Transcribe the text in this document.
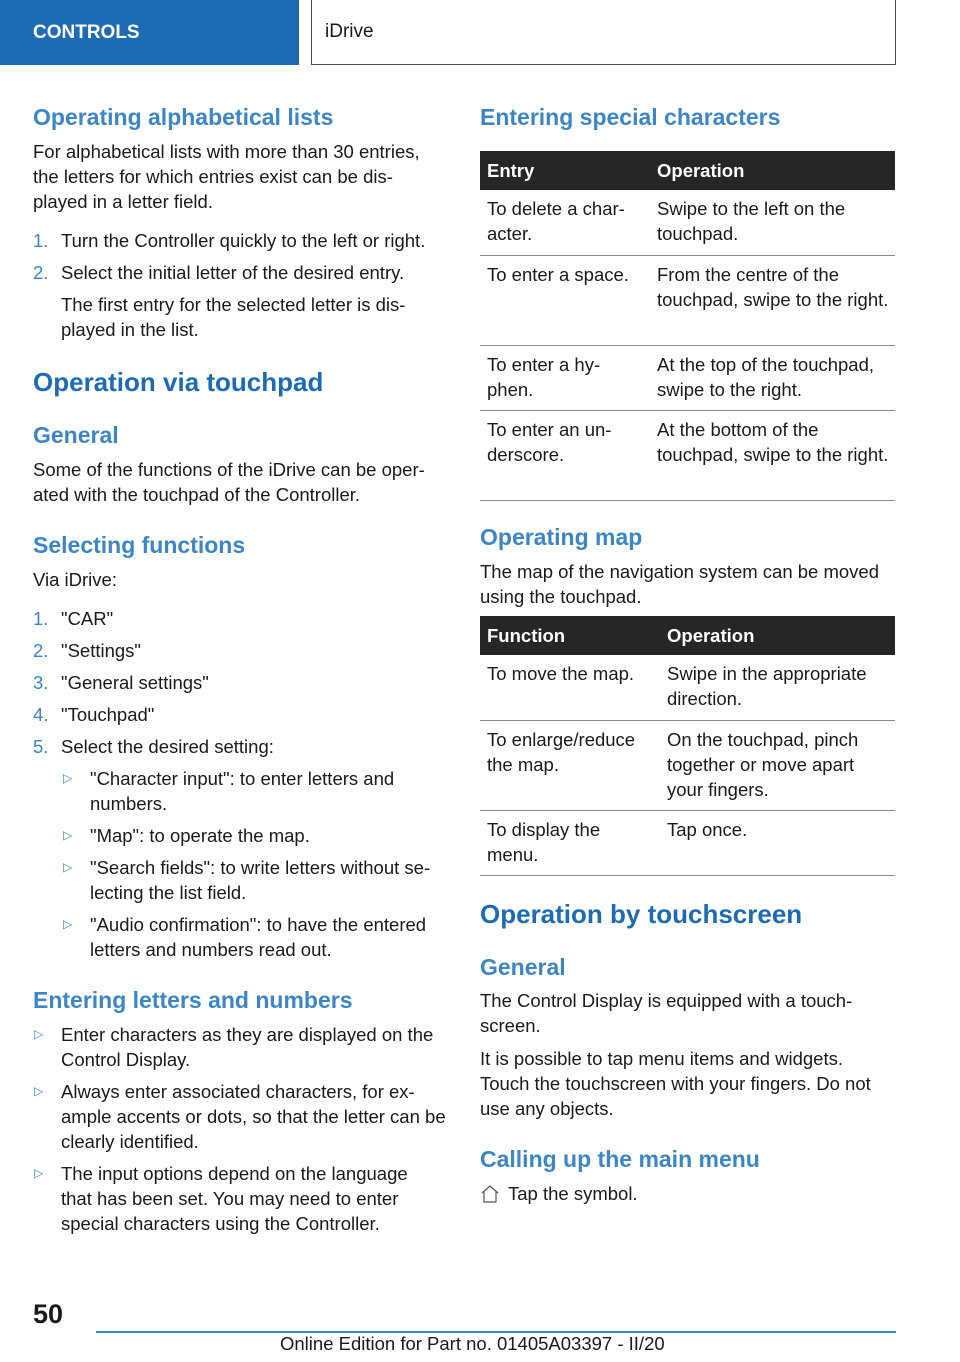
CONTROLS	iDrive
Operating alphabetical lists
For alphabetical lists with more than 30 entries, the letters for which entries exist can be dis-played in a letter field.
1. Turn the Controller quickly to the left or right.
2. Select the initial letter of the desired entry.
The first entry for the selected letter is dis-played in the list.
Operation via touchpad
General
Some of the functions of the iDrive can be oper-ated with the touchpad of the Controller.
Selecting functions
Via iDrive:
1. "CAR"
2. "Settings"
3. "General settings"
4. "Touchpad"
5. Select the desired setting:
▷ "Character input": to enter letters and numbers.
▷ "Map": to operate the map.
▷ "Search fields": to write letters without se-lecting the list field.
▷ "Audio confirmation": to have the entered letters and numbers read out.
Entering letters and numbers
▷ Enter characters as they are displayed on the Control Display.
▷ Always enter associated characters, for ex-ample accents or dots, so that the letter can be clearly identified.
▷ The input options depend on the language that has been set. You may need to enter special characters using the Controller.
Entering special characters
Entry	Operation
To delete a char-acter.	Swipe to the left on the touchpad.
To enter a space.	From the centre of the touchpad, swipe to the right.
To enter a hy-phen.	At the top of the touchpad, swipe to the right.
To enter an un-derscore.	At the bottom of the touchpad, swipe to the right.
Operating map
The map of the navigation system can be moved using the touchpad.
Function	Operation
To move the map.	Swipe in the appropriate direction.
To enlarge/reduce the map.	On the touchpad, pinch together or move apart your fingers.
To display the menu.	Tap once.
Operation by touchscreen
General
The Control Display is equipped with a touch-screen.
It is possible to tap menu items and widgets. Touch the touchscreen with your fingers. Do not use any objects.
Calling up the main menu
Tap the symbol.
50
Online Edition for Part no. 01405A03397 - II/20
